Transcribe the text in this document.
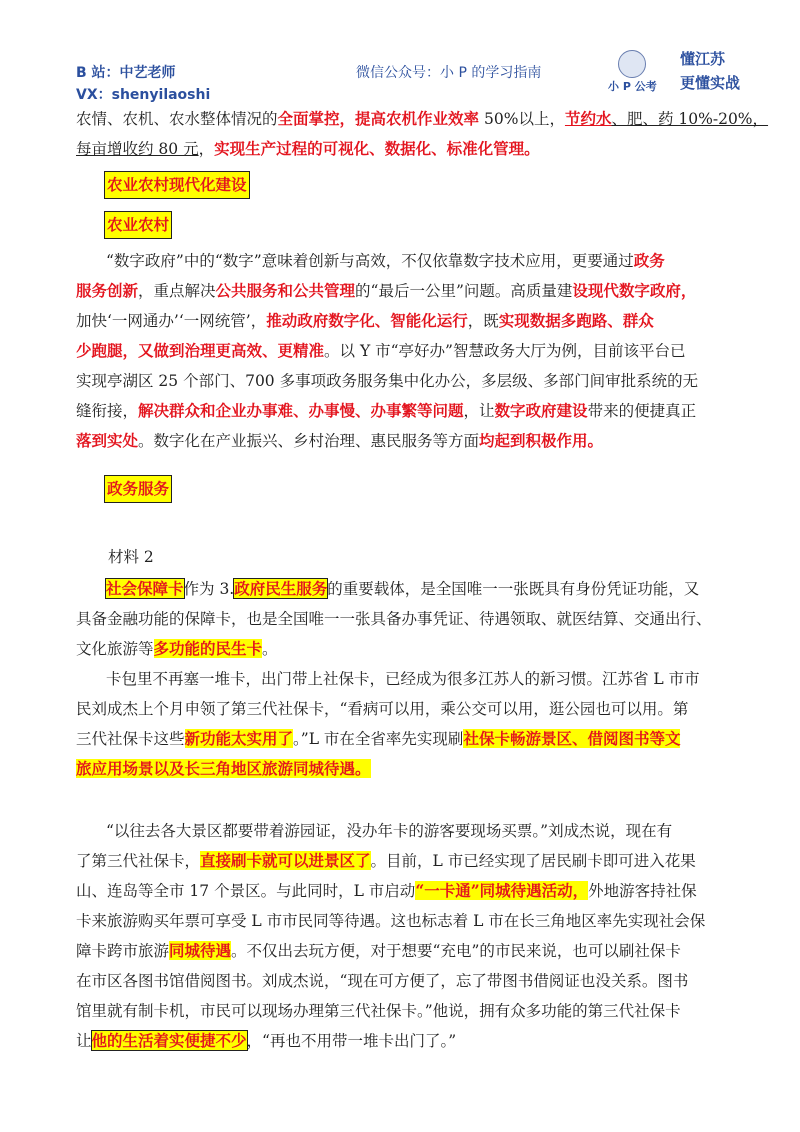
B 站：中艺老师
VX：shenyilaoshi
微信公众号：小 P 的学习指南
小 P 公考
懂江苏
更懂实战
农情、农机、农水整体情况的全面掌控，提高农机作业效率 50%以上，节约水、肥、药 10%-20%，
每亩增收约 80 元，实现生产过程的可视化、数据化、标准化管理。
农业农村现代化建设
农业农村
“数字政府”中的“数字”意味着创新与高效，不仅依靠数字技术应用，更要通过政务
服务创新，重点解决公共服务和公共管理的“最后一公里”问题。高质量建设现代数字政府，
加快‘一网通办’‘一网统管’，推动政府数字化、智能化运行，既实现数据多跑路、群众
少跑腿，又做到治理更高效、更精准。以 Y 市“亭好办”智慧政务大厅为例，目前该平台已
实现亭湖区 25 个部门、700 多事项政务服务集中化办公，多层级、多部门间审批系统的无
缝衔接，解决群众和企业办事难、办事慢、办事繁等问题，让数字政府建设带来的便捷真正
落到实处。数字化在产业振兴、乡村治理、惠民服务等方面均起到积极作用。
政务服务
材料 2
社会保障卡作为 3.政府民生服务的重要载体，是全国唯一一张既具有身份凭证功能，又
具备金融功能的保障卡，也是全国唯一一张具备办事凭证、待遇领取、就医结算、交通出行、
文化旅游等多功能的民生卡。
卡包里不再塞一堆卡，出门带上社保卡，已经成为很多江苏人的新习惯。江苏省 L 市市
民刘成杰上个月申领了第三代社保卡，“看病可以用，乘公交可以用，逛公园也可以用。第
三代社保卡这些新功能太实用了。”L 市在全省率先实现刷社保卡畅游景区、借阅图书等文
旅应用场景以及长三角地区旅游同城待遇。
“以往去各大景区都要带着游园证，没办年卡的游客要现场买票。”刘成杰说，现在有
了第三代社保卡，直接刷卡就可以进景区了。目前，L 市已经实现了居民刷卡即可进入花果
山、连岛等全市 17 个景区。与此同时，L 市启动“一卡通”同城待遇活动，外地游客持社保
卡来旅游购买年票可享受 L 市市民同等待遇。这也标志着 L 市在长三角地区率先实现社会保
障卡跨市旅游同城待遇。不仅出去玩方便，对于想要“充电”的市民来说，也可以刷社保卡
在市区各图书馆借阅图书。刘成杰说，“现在可方便了，忘了带图书借阅证也没关系。图书
馆里就有制卡机，市民可以现场办理第三代社保卡。”他说，拥有众多功能的第三代社保卡
让他的生活着实便捷不少，“再也不用带一堆卡出门了。”
